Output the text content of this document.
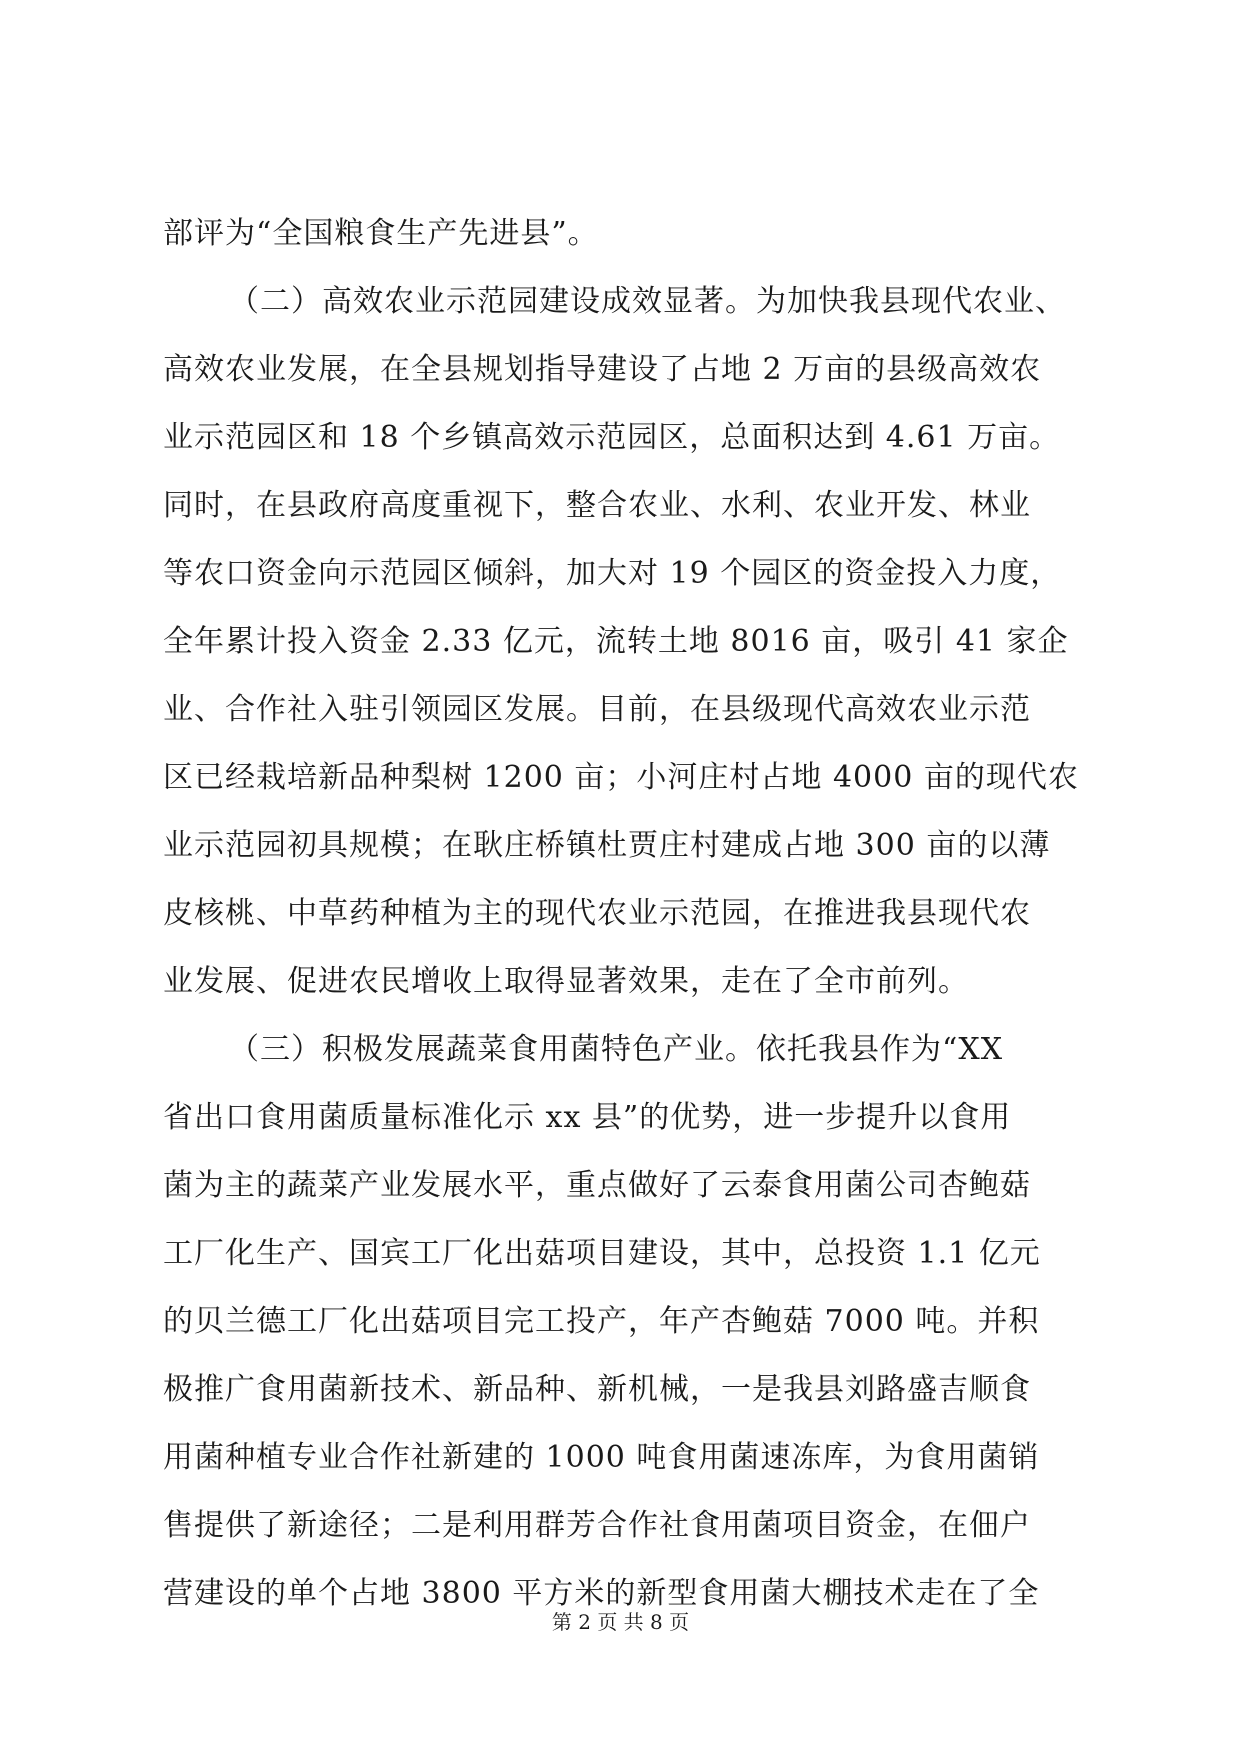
部评为“全国粮食生产先进县”。
（二）高效农业示范园建设成效显著。为加快我县现代农业、
高效农业发展，在全县规划指导建设了占地 2 万亩的县级高效农
业示范园区和 18 个乡镇高效示范园区，总面积达到 4.61 万亩。
同时，在县政府高度重视下，整合农业、水利、农业开发、林业
等农口资金向示范园区倾斜，加大对 19 个园区的资金投入力度，
全年累计投入资金 2.33 亿元，流转土地 8016 亩，吸引 41 家企
业、合作社入驻引领园区发展。目前，在县级现代高效农业示范
区已经栽培新品种梨树 1200 亩；小河庄村占地 4000 亩的现代农
业示范园初具规模；在耿庄桥镇杜贾庄村建成占地 300 亩的以薄
皮核桃、中草药种植为主的现代农业示范园，在推进我县现代农
业发展、促进农民增收上取得显著效果，走在了全市前列。
（三）积极发展蔬菜食用菌特色产业。依托我县作为“XX
省出口食用菌质量标准化示 xx 县”的优势，进一步提升以食用
菌为主的蔬菜产业发展水平，重点做好了云泰食用菌公司杏鲍菇
工厂化生产、国宾工厂化出菇项目建设，其中，总投资 1.1 亿元
的贝兰德工厂化出菇项目完工投产，年产杏鲍菇 7000 吨。并积
极推广食用菌新技术、新品种、新机械，一是我县刘路盛吉顺食
用菌种植专业合作社新建的 1000 吨食用菌速冻库，为食用菌销
售提供了新途径；二是利用群芳合作社食用菌项目资金，在佃户
营建设的单个占地 3800 平方米的新型食用菌大棚技术走在了全
第 2 页 共 8 页
